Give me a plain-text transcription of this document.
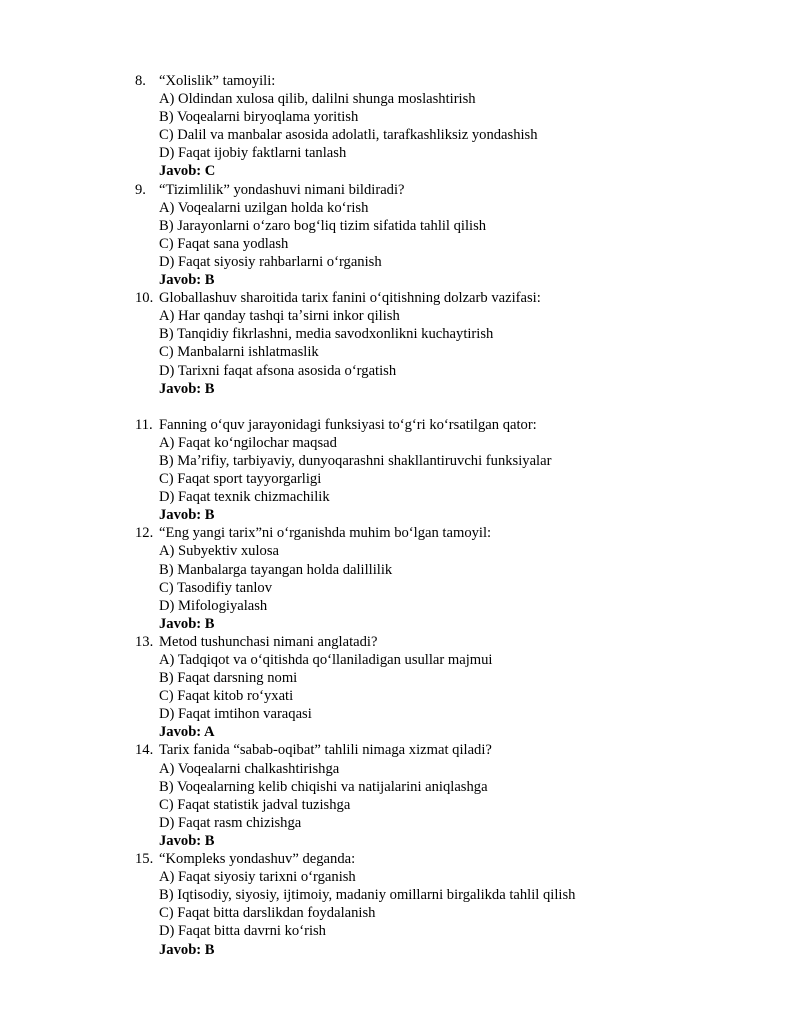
8. “Xolislik” tamoyili:
A) Oldindan xulosa qilib, dalilni shunga moslashtirish
B) Voqealarni biryoqlama yoritish
C) Dalil va manbalar asosida adolatli, tarafkashliksiz yondashish
D) Faqat ijobiy faktlarni tanlash
Javob: C
9. “Tizimlilik” yondashuvi nimani bildiradi?
A) Voqealarni uzilgan holda koʻrish
B) Jarayonlarni oʻzaro bogʻliq tizim sifatida tahlil qilish
C) Faqat sana yodlash
D) Faqat siyosiy rahbarlarni oʻrganish
Javob: B
10. Globallashuv sharoitida tarix fanini oʻqitishning dolzarb vazifasi:
A) Har qanday tashqi taʼsirni inkor qilish
B) Tanqidiy fikrlashni, media savodxonlikni kuchaytirish
C) Manbalarni ishlatmaslik
D) Tarixni faqat afsona asosida oʻrgatish
Javob: B
11. Fanning oʻquv jarayonidagi funksiyasi toʻgʻri koʻrsatilgan qator:
A) Faqat koʻngilochar maqsad
B) Maʼrifiy, tarbiyaviy, dunyoqarashni shakllantiruvchi funksiyalar
C) Faqat sport tayyorgarligi
D) Faqat texnik chizmachilik
Javob: B
12. “Eng yangi tarix”ni oʻrganishda muhim boʻlgan tamoyil:
A) Subyektiv xulosa
B) Manbalarga tayangan holda dalillilik
C) Tasodifiy tanlov
D) Mifologiyalash
Javob: B
13. Metod tushunchasi nimani anglatadi?
A) Tadqiqot va oʻqitishda qoʻllaniladigan usullar majmui
B) Faqat darsning nomi
C) Faqat kitob roʻyxati
D) Faqat imtihon varaqasi
Javob: A
14. Tarix fanida “sabab-oqibat” tahlili nimaga xizmat qiladi?
A) Voqealarni chalkashtirishga
B) Voqealarning kelib chiqishi va natijalarini aniqlashga
C) Faqat statistik jadval tuzishga
D) Faqat rasm chizishga
Javob: B
15. “Kompleks yondashuv” deganda:
A) Faqat siyosiy tarixni oʻrganish
B) Iqtisodiy, siyosiy, ijtimoiy, madaniy omillarni birgalikda tahlil qilish
C) Faqat bitta darslikdan foydalanish
D) Faqat bitta davrni koʻrish
Javob: B
